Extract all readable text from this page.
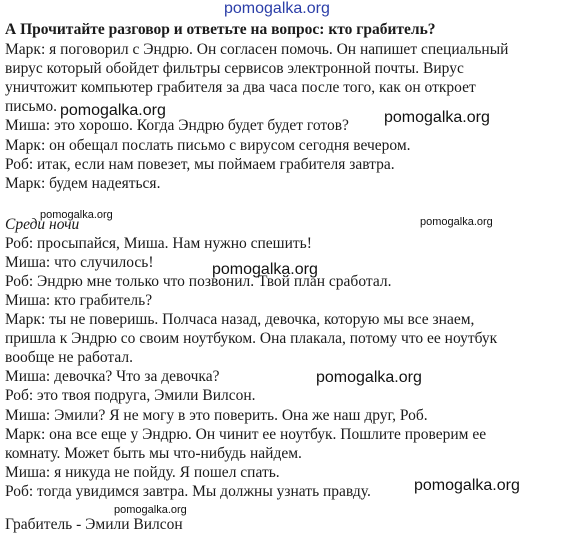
pomogalka.org
А Прочитайте разговор и ответьте на вопрос: кто грабитель?
Марк: я поговорил с Эндрю. Он согласен помочь. Он напишет специальный
вирус который обойдет фильтры сервисов электронной почты. Вирус
уничтожит компьютер грабителя за два часа после того, как он откроет
письмо.
Миша: это хорошо. Когда Эндрю будет будет готов?
Марк: он обещал послать письмо с вирусом сегодня вечером.
Роб: итак, если нам повезет, мы поймаем грабителя завтра.
Марк: будем надеяться.
Среди ночи
Роб: просыпайся, Миша. Нам нужно спешить!
Миша: что случилось!
Роб: Эндрю мне только что позвонил. Твой план сработал.
Миша: кто грабитель?
Марк: ты не поверишь. Полчаса назад, девочка, которую мы все знаем,
пришла к Эндрю со своим ноутбуком. Она плакала, потому что ее ноутбук
вообще не работал.
Миша: девочка? Что за девочка?
Роб: это твоя подруга, Эмили Вилсон.
Миша: Эмили? Я не могу в это поверить. Она же наш друг, Роб.
Марк: она все еще у Эндрю. Он чинит ее ноутбук. Пошлите проверим ее
комнату. Может быть мы что-нибудь найдем.
Миша: я никуда не пойду. Я пошел спать.
Роб: тогда увидимся завтра. Мы должны узнать правду.
Грабитель - Эмили Вилсон
pomogalka.org	pomogalka.org
pomogalka.org
pomogalka.org
pomogalka.org
pomogalka.org
pomogalka.org
pomogalka.org
